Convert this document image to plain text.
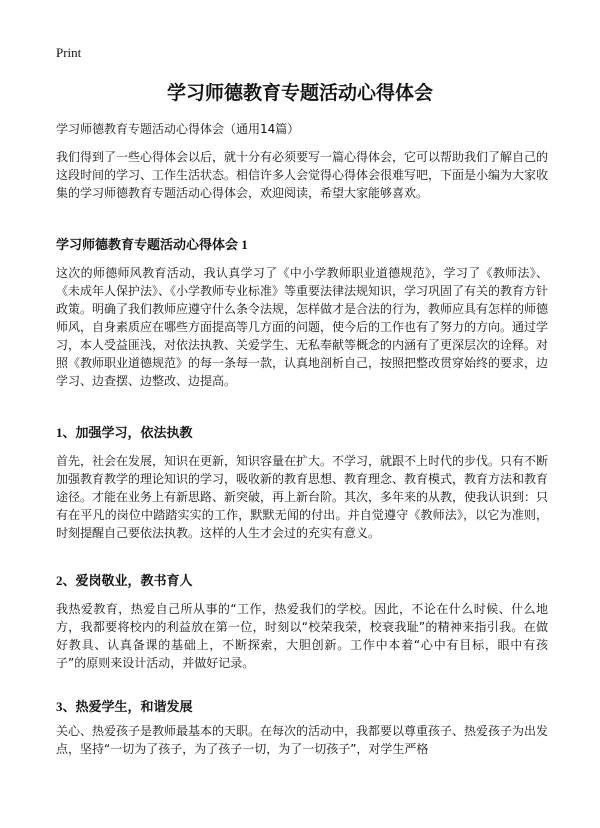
Print
学习师德教育专题活动心得体会

学习师德教育专题活动心得体会（通用14篇）

我们得到了一些心得体会以后，就十分有必须要写一篇心得体会，它可以帮助我们了解自己的这段时间的学习、工作生活状态。相信许多人会觉得心得体会很难写吧，下面是小编为大家收集的学习师德教育专题活动心得体会，欢迎阅读，希望大家能够喜欢。

学习师德教育专题活动心得体会 1

这次的师德师风教育活动，我认真学习了《中小学教师职业道德规范》，学习了《教师法》、《未成年人保护法》、《小学教师专业标准》等重要法律法规知识，学习巩固了有关的教育方针政策。明确了我们教师应遵守什么条令法规，怎样做才是合法的行为，教师应具有怎样的师德师风，自身素质应在哪些方面提高等几方面的问题，使今后的工作也有了努力的方向。通过学习，本人受益匪浅，对依法执教、关爱学生、无私奉献等概念的内涵有了更深层次的诠释。对照《教师职业道德规范》的每一条每一款，认真地剖析自己，按照把整改贯穿始终的要求，边学习、边查摆、边整改、边提高。

1、加强学习，依法执教

首先，社会在发展，知识在更新，知识容量在扩大。不学习，就跟不上时代的步伐。只有不断加强教育教学的理论知识的学习，吸收新的教育思想、教育理念、教育模式，教育方法和教育途径。才能在业务上有新思路、新突破，再上新台阶。其次，多年来的从教，使我认识到：只有在平凡的岗位中踏踏实实的工作，默默无闻的付出。并自觉遵守《教师法》，以它为准则，时刻提醒自己要依法执教。这样的人生才会过的充实有意义。

2、爱岗敬业，教书育人

我热爱教育，热爱自己所从事的“工作，热爱我们的学校。因此，不论在什么时候、什么地方，我都要将校内的利益放在第一位，时刻以“校荣我荣，校衰我耻”的精神来指引我。在做好教具、认真备课的基础上，不断探索，大胆创新。工作中本着“心中有目标，眼中有孩子”的原则来设计活动，并做好记录。

3、热爱学生，和谐发展

关心、热爱孩子是教师最基本的天职。在每次的活动中，我都要以尊重孩子、热爱孩子为出发点，坚持“一切为了孩子，为了孩子一切，为了一切孩子”，对学生严格
